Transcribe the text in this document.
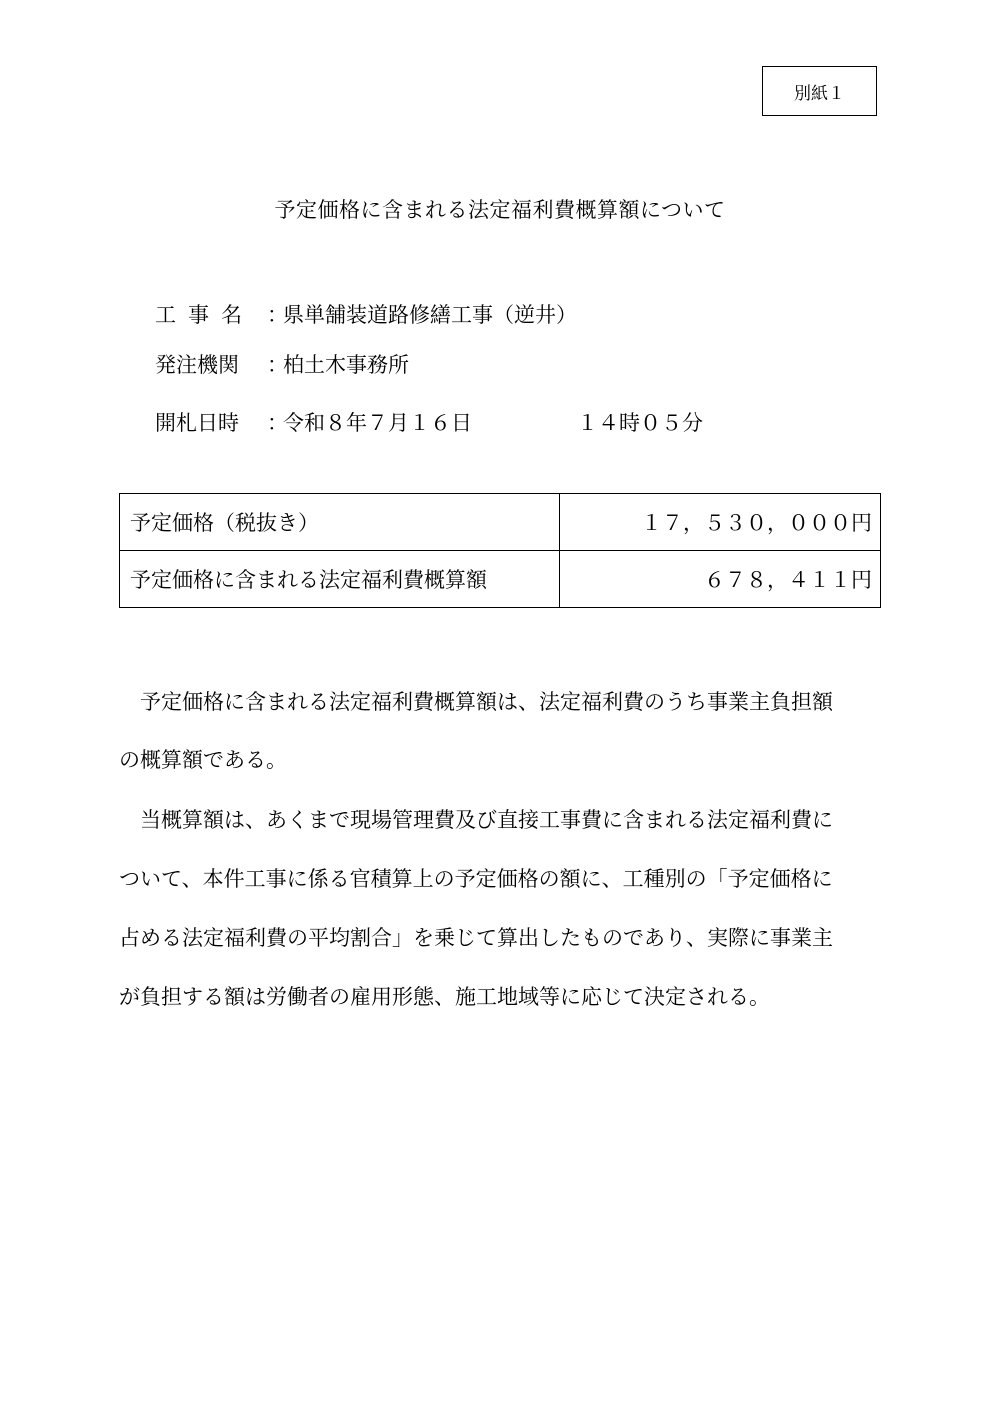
別紙１
予定価格に含まれる法定福利費概算額について
工事名 ：
県単舗装道路修繕工事（逆井）
発注機関	：
柏土木事務所
開札日時	：
令和８年７月１６日	１４時０５分
予定価格（税抜き）	１７，５３０，０００円
予定価格に含まれる法定福利費概算額	６７８，４１１円
　予定価格に含まれる法定福利費概算額は、法定福利費のうち事業主負担額
の概算額である。
　当概算額は、あくまで現場管理費及び直接工事費に含まれる法定福利費に
ついて、本件工事に係る官積算上の予定価格の額に、工種別の「予定価格に
占める法定福利費の平均割合」を乗じて算出したものであり、実際に事業主
が負担する額は労働者の雇用形態、施工地域等に応じて決定される。
